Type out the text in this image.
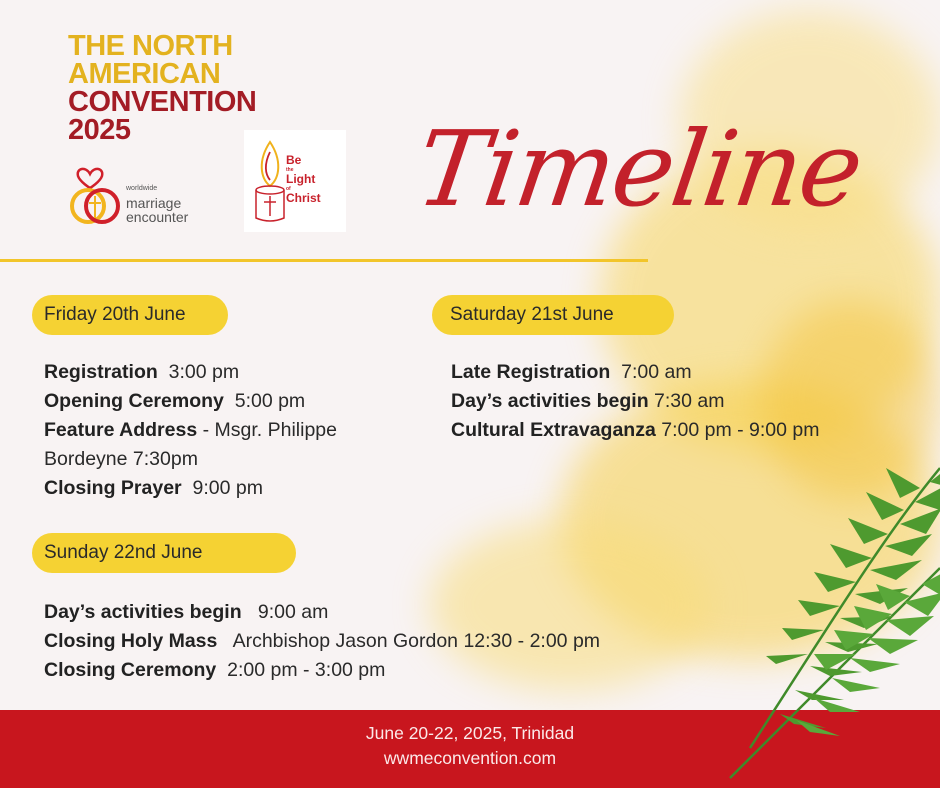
THE NORTH
AMERICAN
CONVENTION
2025
worldwide
marriage
encounter
Be
the
Light
of
Christ Timeline
Friday 20th June
Registration 3:00 pm
Opening Ceremony 5:00 pm
Feature Address - Msgr. Philippe
Bordeyne 7:30pm
Closing Prayer 9:00 pm
Saturday 21st June
Late Registration 7:00 am
Day’s activities begin 7:30 am
Cultural Extravaganza 7:00 pm - 9:00 pm
Sunday 22nd June
Day’s activities begin 9:00 am
Closing Holy Mass Archbishop Jason Gordon 12:30 - 2:00 pm
Closing Ceremony 2:00 pm - 3:00 pm
June 20-22, 2025, Trinidad
wwmeconvention.com
